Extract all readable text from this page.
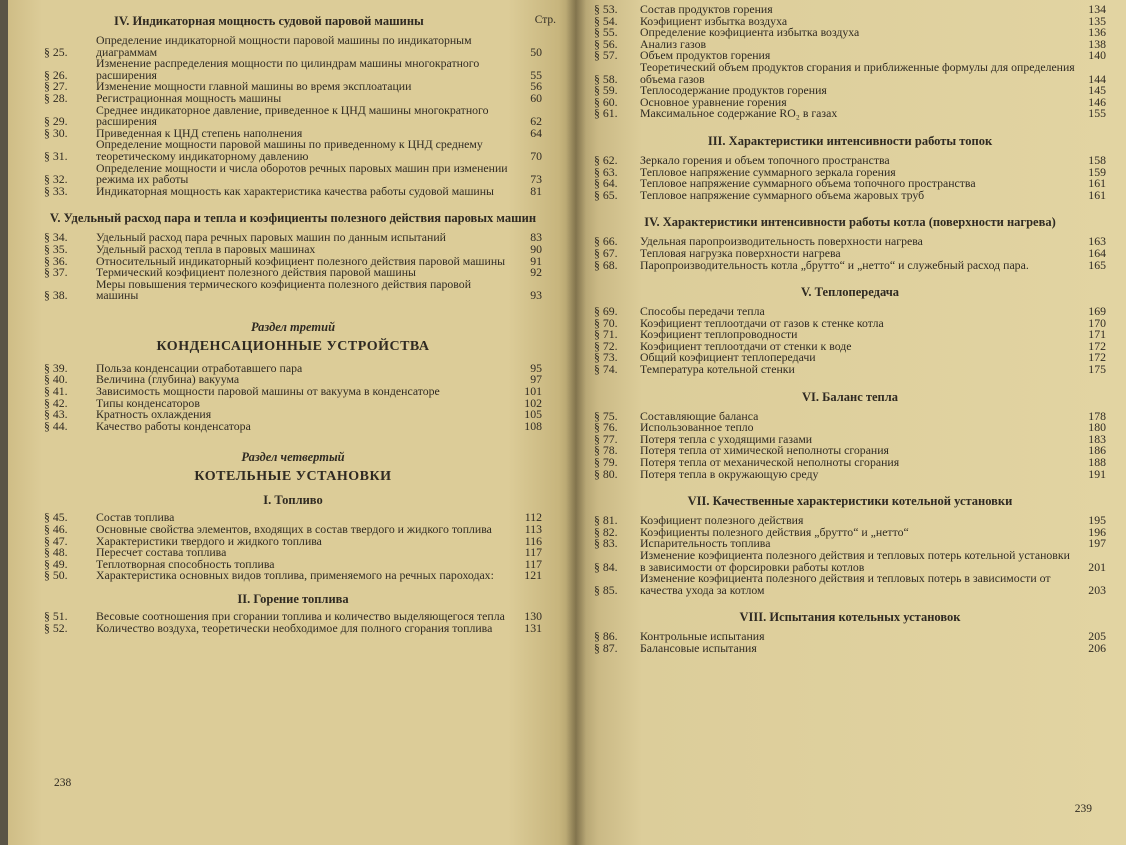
Стр.
IV. Индикаторная мощность судовой паровой машины
§ 25.
Определение индикаторной мощности паровой машины по индикаторным диаграммам	50
§ 26.
Изменение распределения мощности по цилиндрам машины многократного расширения	55
§ 27.	Изменение мощности главной машины во время эксплоатации	56
§ 28.	Регистрационная мощность машины	60
§ 29.
Среднее индикаторное давление, приведенное к ЦНД машины многократного расширения	62
§ 30.	Приведенная к ЦНД степень наполнения	64
§ 31.
Определение мощности паровой машины по приведенному к ЦНД среднему теоретическому индикаторному давлению	70
§ 32.
Определение мощности и числа оборотов речных паровых машин при изменении режима их работы	73
§ 33.	Индикаторная мощность как характеристика качества работы судовой машины	81
V. Удельный расход пара и тепла и коэфициенты полезного действия паровых машин
§ 34.	Удельный расход пара речных паровых машин по данным испытаний	83
§ 35.	Удельный расход тепла в паровых машинах	90
§ 36.	Относительный индикаторный коэфициент полезного действия паровой машины	91
§ 37.	Термический коэфициент полезного действия паровой машины	92
§ 38.
Меры повышения термического коэфициента полезного действия паровой машины	93
Раздел третий
КОНДЕНСАЦИОННЫЕ УСТРОЙСТВА
§ 39.	Польза конденсации отработавшего пара	95
§ 40.	Величина (глубина) вакуума	97
§ 41.	Зависимость мощности паровой машины от вакуума в конденсаторе	101
§ 42.	Типы конденсаторов	102
§ 43.	Кратность охлаждения	105
§ 44.	Качество работы конденсатора	108
Раздел четвертый
КОТЕЛЬНЫЕ УСТАНОВКИ
I. Топливо
§ 45.	Состав топлива	112
§ 46.	Основные свойства элементов, входящих в состав твердого и жидкого топлива	113
§ 47.	Характеристики твердого и жидкого топлива	116
§ 48.	Пересчет состава топлива	117
§ 49.	Теплотворная способность топлива	117
§ 50.	Характеристика основных видов топлива, применяемого на речных пароходах:	121
II. Горение топлива
§ 51.	Весовые соотношения при сгорании топлива и количество выделяющегося тепла	130
§ 52.	Количество воздуха, теоретически необходимое для полного сгорания топлива	131
238
§ 53.	Состав продуктов горения	134
§ 54.	Коэфициент избытка воздуха	135
§ 55.	Определение коэфициента избытка воздуха	136
§ 56.	Анализ газов	138
§ 57.	Объем продуктов горения	140
§ 58.
Теоретический объем продуктов сгорания и приближенные формулы для определения объема газов	144
§ 59.	Теплосодержание продуктов горения	145
§ 60.	Основное уравнение горения	146
§ 61.	Максимальное содержание RO₂ в газах	155
III. Характеристики интенсивности работы топок
§ 62.	Зеркало горения и объем топочного пространства	158
§ 63.	Тепловое напряжение суммарного зеркала горения	159
§ 64.	Тепловое напряжение суммарного объема топочного пространства	161
§ 65.	Тепловое напряжение суммарного объема жаровых труб	161
IV. Характеристики интенсивности работы котла (поверхности нагрева)
§ 66.	Удельная паропроизводительность поверхности нагрева	163
§ 67.	Тепловая нагрузка поверхности нагрева	164
§ 68.	Паропроизводительность котла „брутто“ и „нетто“ и служебный расход пара.	165
V. Теплопередача
§ 69.	Способы передачи тепла	169
§ 70.	Коэфициент теплоотдачи от газов к стенке котла	170
§ 71.	Коэфициент теплопроводности	171
§ 72.	Коэфициент теплоотдачи от стенки к воде	172
§ 73.	Общий коэфициент теплопередачи	172
§ 74.	Температура котельной стенки	175
VI. Баланс тепла
§ 75.	Составляющие баланса	178
§ 76.	Использованное тепло	180
§ 77.	Потеря тепла с уходящими газами	183
§ 78.	Потеря тепла от химической неполноты сгорания	186
§ 79.	Потеря тепла от механической неполноты сгорания	188
§ 80.	Потеря тепла в окружающую среду	191
VII. Качественные характеристики котельной установки
§ 81.	Коэфициент полезного действия	195
§ 82.	Коэфициенты полезного действия „брутто“ и „нетто“	196
§ 83.	Испарительность топлива	197
§ 84.
Изменение коэфициента полезного действия и тепловых потерь котельной установки в зависимости от форсировки работы котлов	201
§ 85.
Изменение коэфициента полезного действия и тепловых потерь в зависимости от качества ухода за котлом	203
VIII. Испытания котельных установок
§ 86.	Контрольные испытания	205
§ 87.	Балансовые испытания	206
239
